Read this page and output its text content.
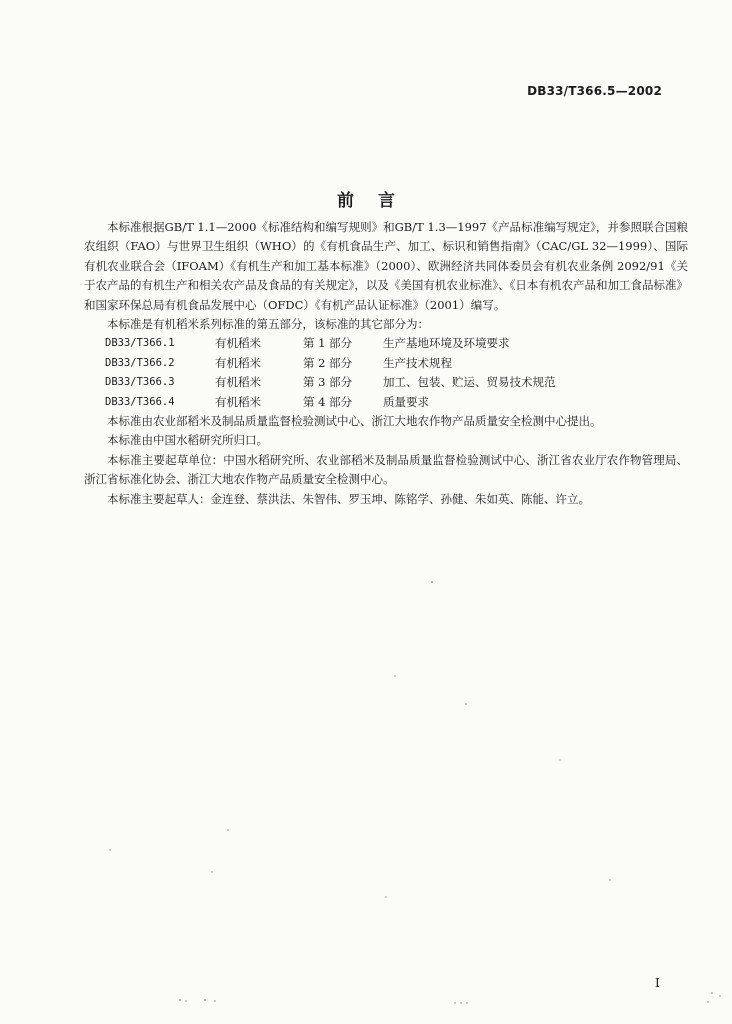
DB33/T366.5—2002
前言

本标准根据GB/T 1.1—2000《标准结构和编写规则》和GB/T 1.3—1997《产品标准编写规定》，并参照联合国粮农组织（FAO）与世界卫生组织（WHO）的《有机食品生产、加工、标识和销售指南》（CAC/GL 32—1999）、国际有机农业联合会（IFOAM）《有机生产和加工基本标准》（2000）、欧洲经济共同体委员会有机农业条例 2092/91《关于农产品的有机生产和相关农产品及食品的有关规定》，以及《美国有机农业标准》、《日本有机农产品和加工食品标准》和国家环保总局有机食品发展中心（OFDC）《有机产品认证标准》（2001）编写。

本标准是有机稻米系列标准的第五部分，该标准的其它部分为：

DB33/T366.1	有机稻米	第 1 部分	生产基地环境及环境要求
DB33/T366.2	有机稻米	第 2 部分	生产技术规程
DB33/T366.3	有机稻米	第 3 部分	加工、包装、贮运、贸易技术规范
DB33/T366.4	有机稻米	第 4 部分	质量要求

本标准由农业部稻米及制品质量监督检验测试中心、浙江大地农作物产品质量安全检测中心提出。

本标准由中国水稻研究所归口。

本标准主要起草单位：中国水稻研究所、农业部稻米及制品质量监督检验测试中心、浙江省农业厅农作物管理局、浙江省标准化协会、浙江大地农作物产品质量安全检测中心。

本标准主要起草人：金连登、蔡洪法、朱智伟、罗玉坤、陈铭学、孙健、朱如英、陈能、许立。

I
